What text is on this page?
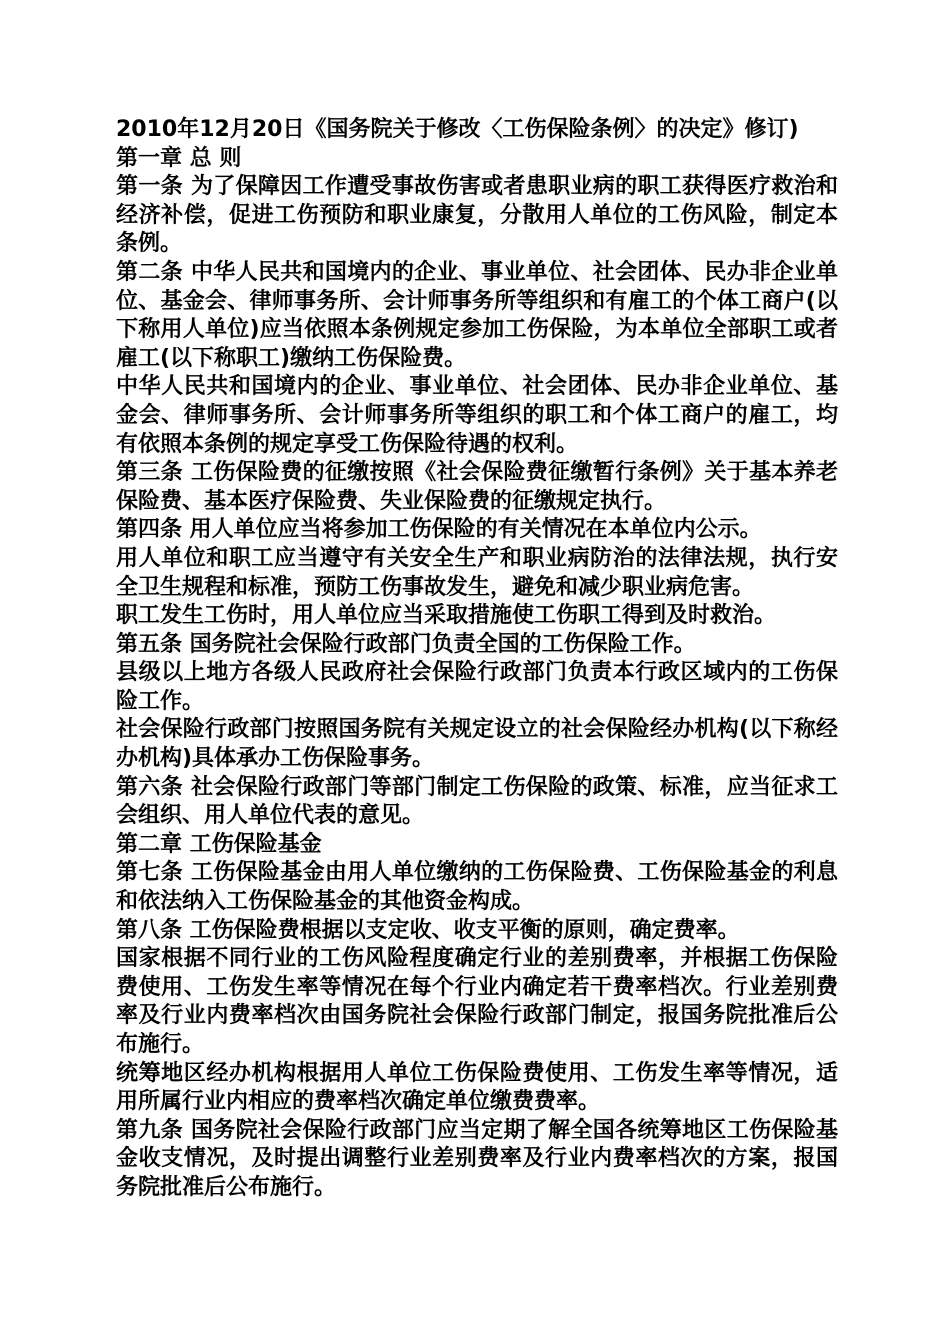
2010年12月20日《国务院关于修改〈工伤保险条例〉的决定》修订)

第一章 总 则

第一条 为了保障因工作遭受事故伤害或者患职业病的职工获得医疗救治和经济补偿，促进工伤预防和职业康复，分散用人单位的工伤风险，制定本条例。

第二条 中华人民共和国境内的企业、事业单位、社会团体、民办非企业单位、基金会、律师事务所、会计师事务所等组织和有雇工的个体工商户(以下称用人单位)应当依照本条例规定参加工伤保险，为本单位全部职工或者雇工(以下称职工)缴纳工伤保险费。

中华人民共和国境内的企业、事业单位、社会团体、民办非企业单位、基金会、律师事务所、会计师事务所等组织的职工和个体工商户的雇工，均有依照本条例的规定享受工伤保险待遇的权利。

第三条 工伤保险费的征缴按照《社会保险费征缴暂行条例》关于基本养老保险费、基本医疗保险费、失业保险费的征缴规定执行。

第四条 用人单位应当将参加工伤保险的有关情况在本单位内公示。

用人单位和职工应当遵守有关安全生产和职业病防治的法律法规，执行安全卫生规程和标准，预防工伤事故发生，避免和减少职业病危害。

职工发生工伤时，用人单位应当采取措施使工伤职工得到及时救治。

第五条 国务院社会保险行政部门负责全国的工伤保险工作。

县级以上地方各级人民政府社会保险行政部门负责本行政区域内的工伤保险工作。

社会保险行政部门按照国务院有关规定设立的社会保险经办机构(以下称经办机构)具体承办工伤保险事务。

第六条 社会保险行政部门等部门制定工伤保险的政策、标准，应当征求工会组织、用人单位代表的意见。

第二章 工伤保险基金

第七条 工伤保险基金由用人单位缴纳的工伤保险费、工伤保险基金的利息和依法纳入工伤保险基金的其他资金构成。

第八条 工伤保险费根据以支定收、收支平衡的原则，确定费率。

国家根据不同行业的工伤风险程度确定行业的差别费率，并根据工伤保险费使用、工伤发生率等情况在每个行业内确定若干费率档次。行业差别费率及行业内费率档次由国务院社会保险行政部门制定，报国务院批准后公布施行。

统筹地区经办机构根据用人单位工伤保险费使用、工伤发生率等情况，适用所属行业内相应的费率档次确定单位缴费费率。

第九条 国务院社会保险行政部门应当定期了解全国各统筹地区工伤保险基金收支情况，及时提出调整行业差别费率及行业内费率档次的方案，报国务院批准后公布施行。
